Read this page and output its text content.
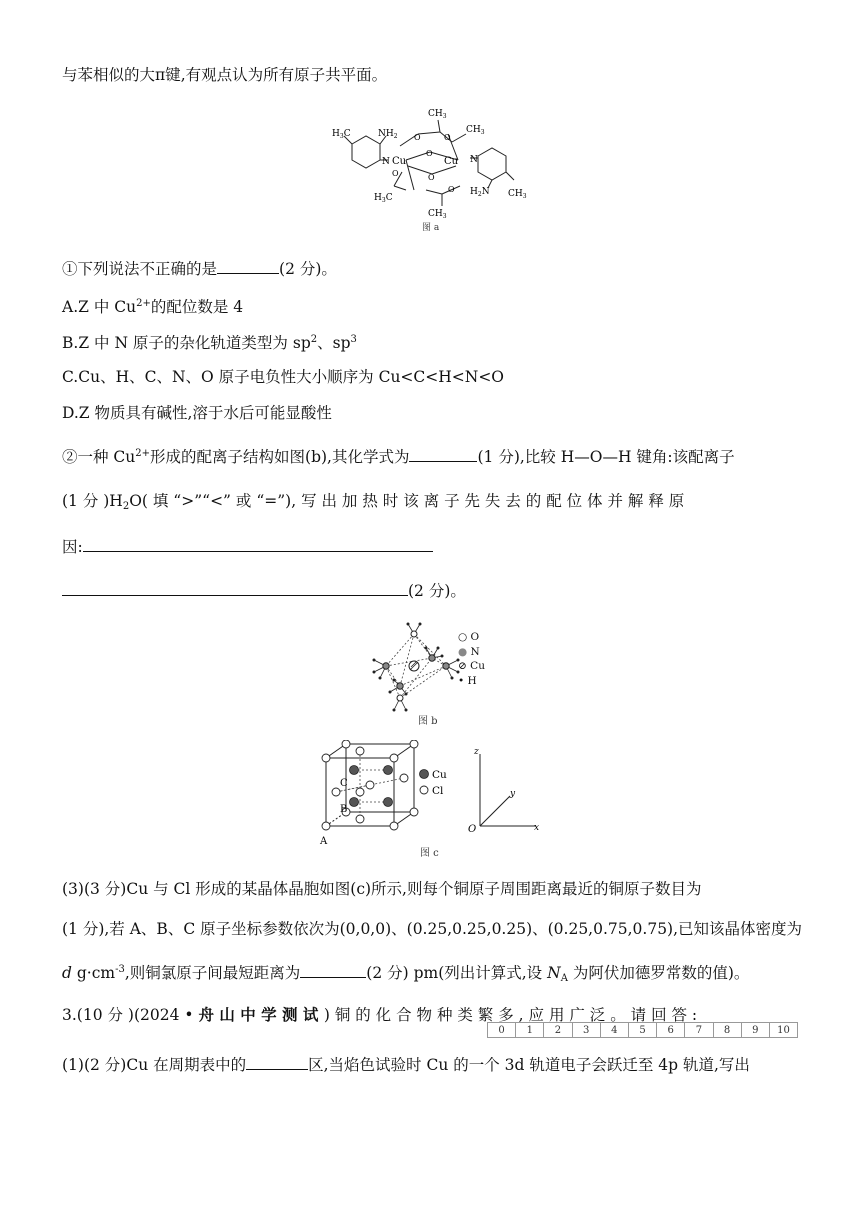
与苯相似的大π键,有观点认为所有原子共平面。
$CH_3$
$H_3C$	$NH_2$
$CH_3$
N Cu	Cu N
O
O
O
O
O
O $H_2N$ $CH_3$
$H_3C$
$CH_3$
图 a
①下列说法不正确的是	(2 分)。
A.Z 中 $Cu^{2+}$的配位数是 4
B.Z 中 N 原子的杂化轨道类型为 $sp^2$、$sp^3$
C.Cu、H、C、N、O 原子电负性大小顺序为 Cu<C<H<N<O
D.Z 物质具有碱性,溶于水后可能显酸性
②一种 $Cu^{2+}$形成的配离子结构如图(b),其化学式为	(1 分),比较 H—O—H 键角:该配离子
(1 分 )$H_2O$( 填 “>”“<” 或 “=”), 写 出 加 热 时 该 离 子 先 失 去 的 配 位 体 并 解 释 原
因:
(2 分)。
图 b
○ O
● N
⊘ Cu
• H
B
C
A
Cu
Cl
z
y
x
O
图 c
(3)(3 分)Cu 与 Cl 形成的某晶体晶胞如图(c)所示,则每个铜原子周围距离最近的铜原子数目为
(1 分),若 A、B、C 原子坐标参数依次为(0,0,0)、(0.25,0.25,0.25)、(0.25,0.75,0.75),已知该晶体密度为
d $g\cdot cm^{-3}$,则铜氯原子间最短距离为	(2 分) pm(列出计算式,设 $N_A$ 为阿伏加德罗常数的值)。
3.(10 分 )(2024 • 舟 山 中 学 测 试 ) 铜 的 化 合 物 种 类 繁 多 , 应 用 广 泛 。 请 回 答 :
0	1	2	3	4	5	6	7	8	9	10
(1)(2 分)Cu 在周期表中的	区,当焰色试验时 Cu 的一个 3d 轨道电子会跃迁至 4p 轨道,写出
